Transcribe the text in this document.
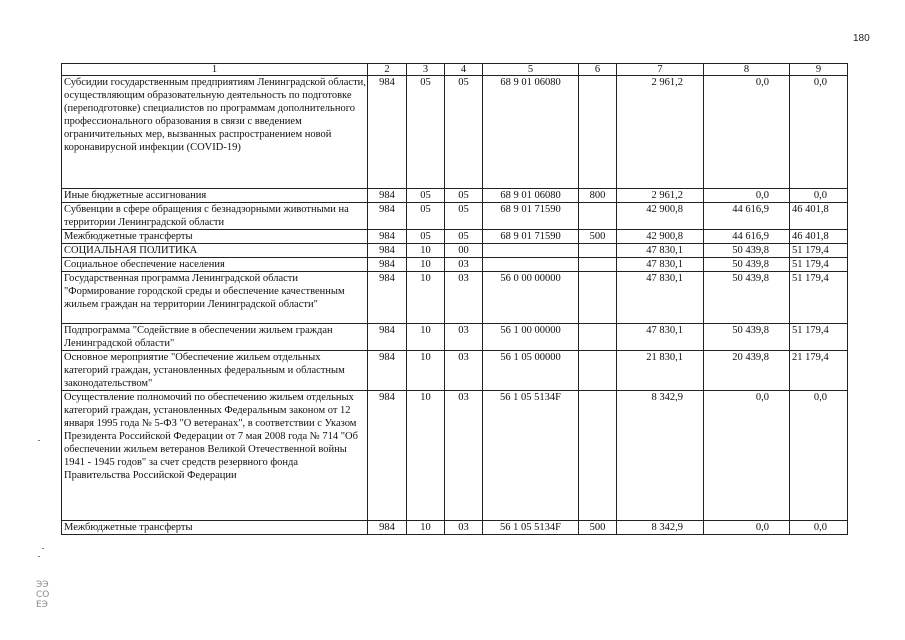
180
ЭЭ
СО
ЕЭ
1	2	3	4	5	6	7	8	9
Субсидии государственным предприятиям Ленинградской области, осуществляющим образовательную деятельность по подготовке (переподготовке) специалистов по программам дополнительного профессионального образования в связи с введением ограничительных мер, вызванных распространением новой коронавирусной инфекции (COVID-19)	984	05	05	68 9 01 06080		2 961,2	0,0	0,0
Иные бюджетные ассигнования	984	05	05	68 9 01 06080	800	2 961,2	0,0	0,0
Субвенции в сфере обращения с безнадзорными животными на территории Ленинградской области	984	05	05	68 9 01 71590		42 900,8	44 616,9	46 401,8
Межбюджетные трансферты	984	05	05	68 9 01 71590	500	42 900,8	44 616,9	46 401,8
СОЦИАЛЬНАЯ ПОЛИТИКА	984	10	00			47 830,1	50 439,8	51 179,4
Социальное обеспечение населения	984	10	03			47 830,1	50 439,8	51 179,4
Государственная программа Ленинградской области "Формирование городской среды и обеспечение качественным жильем граждан на территории Ленинградской области"	984	10	03	56 0 00 00000		47 830,1	50 439,8	51 179,4
Подпрограмма "Содействие в обеспечении жильем граждан Ленинградской области"	984	10	03	56 1 00 00000		47 830,1	50 439,8	51 179,4
Основное мероприятие "Обеспечение жильем отдельных категорий граждан, установленных федеральным и областным законодательством"	984	10	03	56 1 05 00000		21 830,1	20 439,8	21 179,4
Осуществление полномочий по обеспечению жильем отдельных категорий граждан, установленных Федеральным законом от 12 января 1995 года № 5-ФЗ "О ветеранах", в соответствии с Указом Президента Российской Федерации от 7 мая 2008 года № 714 "Об обеспечении жильем ветеранов Великой Отечественной войны 1941 - 1945 годов" за счет средств резервного фонда Правительства Российской Федерации	984	10	03	56 1 05 5134F		8 342,9	0,0	0,0
Межбюджетные трансферты	984	10	03	56 1 05 5134F	500	8 342,9	0,0	0,0
